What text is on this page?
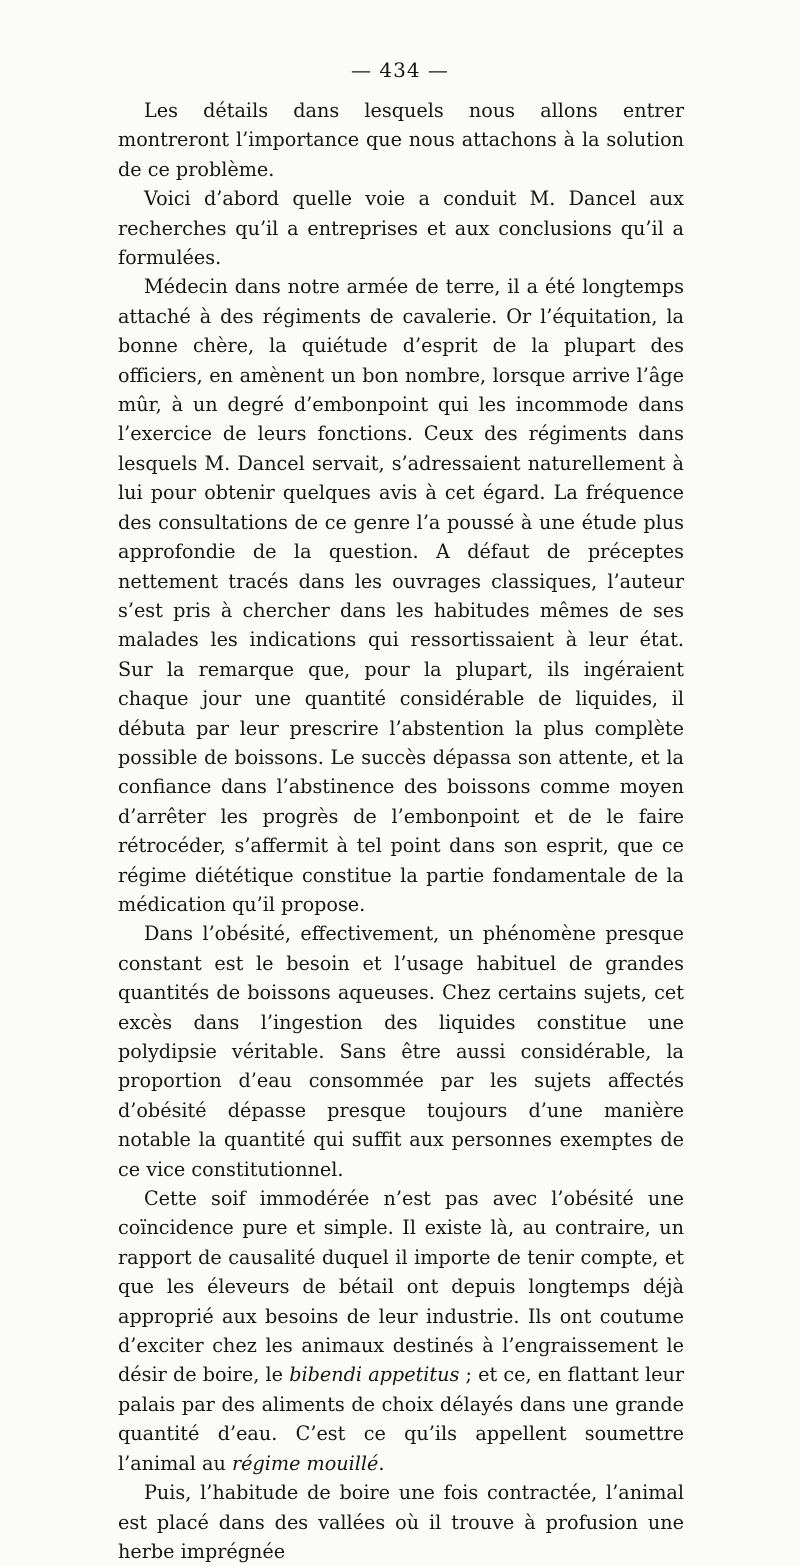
— 434 —

Les détails dans lesquels nous allons entrer montreront l’importance que nous attachons à la solution de ce problème.

Voici d’abord quelle voie a conduit M. Dancel aux recherches qu’il a entreprises et aux conclusions qu’il a formulées.

Médecin dans notre armée de terre, il a été longtemps attaché à des régiments de cavalerie. Or l’équitation, la bonne chère, la quiétude d’esprit de la plupart des officiers, en amènent un bon nombre, lorsque arrive l’âge mûr, à un degré d’embonpoint qui les incommode dans l’exercice de leurs fonctions. Ceux des régiments dans lesquels M. Dancel servait, s’adressaient naturellement à lui pour obtenir quelques avis à cet égard. La fréquence des consultations de ce genre l’a poussé à une étude plus approfondie de la question. A défaut de préceptes nettement tracés dans les ouvrages classiques, l’auteur s’est pris à chercher dans les habitudes mêmes de ses malades les indications qui ressortissaient à leur état. Sur la remarque que, pour la plupart, ils ingéraient chaque jour une quantité considérable de liquides, il débuta par leur prescrire l’abstention la plus complète possible de boissons. Le succès dépassa son attente, et la confiance dans l’abstinence des boissons comme moyen d’arrêter les progrès de l’embonpoint et de le faire rétrocéder, s’affermit à tel point dans son esprit, que ce régime diététique constitue la partie fondamentale de la médication qu’il propose.

Dans l’obésité, effectivement, un phénomène presque constant est le besoin et l’usage habituel de grandes quantités de boissons aqueuses. Chez certains sujets, cet excès dans l’ingestion des liquides constitue une polydipsie véritable. Sans être aussi considérable, la proportion d’eau consommée par les sujets affectés d’obésité dépasse presque toujours d’une manière notable la quantité qui suffit aux personnes exemptes de ce vice constitutionnel.

Cette soif immodérée n’est pas avec l’obésité une coïncidence pure et simple. Il existe là, au contraire, un rapport de causalité duquel il importe de tenir compte, et que les éleveurs de bétail ont depuis longtemps déjà approprié aux besoins de leur industrie. Ils ont coutume d’exciter chez les animaux destinés à l’engraissement le désir de boire, le bibendi appetitus ; et ce, en flattant leur palais par des aliments de choix délayés dans une grande quantité d’eau. C’est ce qu’ils appellent soumettre l’animal au régime mouillé.

Puis, l’habitude de boire une fois contractée, l’animal est placé dans des vallées où il trouve à profusion une herbe imprégnée
